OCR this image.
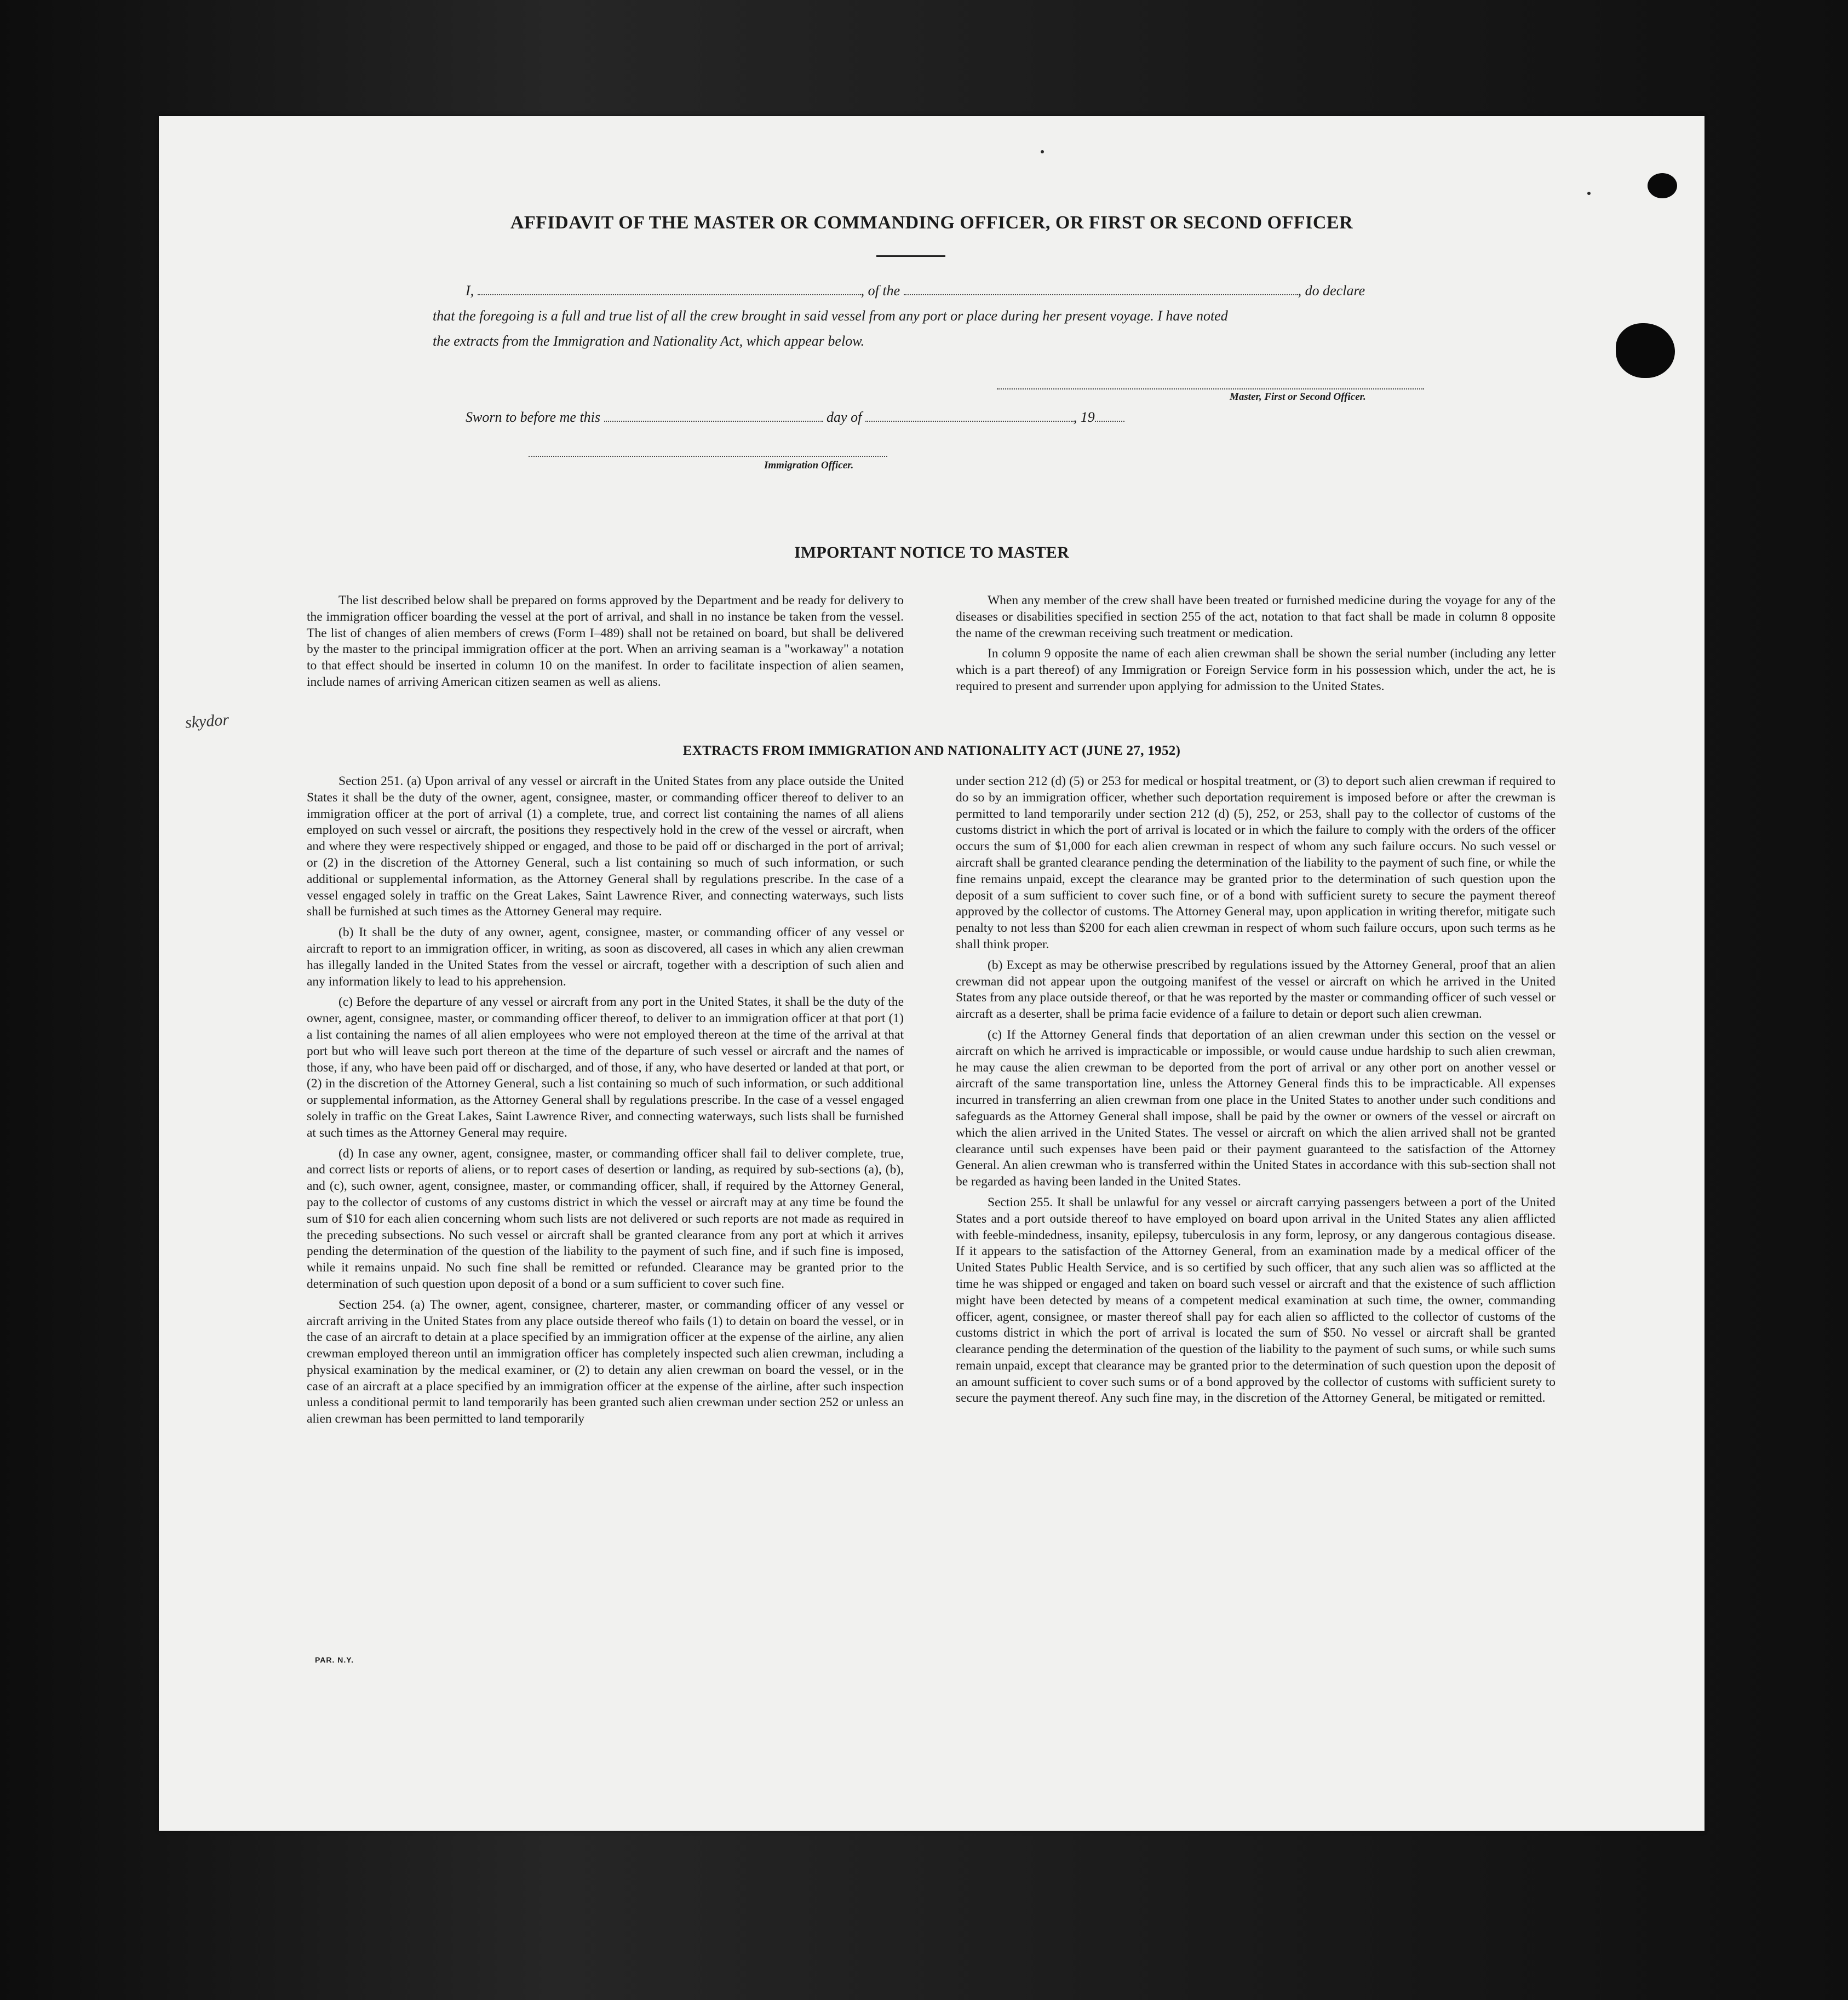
AFFIDAVIT OF THE MASTER OR COMMANDING OFFICER, OR FIRST OR SECOND OFFICER
I,	, of the	, do declare
that the foregoing is a full and true list of all the crew brought in said vessel from any port or place during her present voyage. I have noted
the extracts from the Immigration and Nationality Act, which appear below.
Master, First or Second Officer.
Sworn to before me this	day of	, 19
Immigration Officer.
IMPORTANT NOTICE TO MASTER

The list described below shall be prepared on forms approved by the Department and be ready for delivery to the immigration officer boarding the vessel at the port of arrival, and shall in no instance be taken from the vessel. The list of changes of alien members of crews (Form I–489) shall not be retained on board, but shall be delivered by the master to the principal immigration officer at the port. When an arriving seaman is a "workaway" a notation to that effect should be inserted in column 10 on the manifest. In order to facilitate inspection of alien seamen, include names of arriving American citizen seamen as well as aliens.

When any member of the crew shall have been treated or furnished medicine during the voyage for any of the diseases or disabilities specified in section 255 of the act, notation to that fact shall be made in column 8 opposite the name of the crewman receiving such treatment or medication.

In column 9 opposite the name of each alien crewman shall be shown the serial number (including any letter which is a part thereof) of any Immigration or Foreign Service form in his possession which, under the act, he is required to present and surrender upon applying for admission to the United States.

EXTRACTS FROM IMMIGRATION AND NATIONALITY ACT (JUNE 27, 1952)

Section 251. (a) Upon arrival of any vessel or aircraft in the United States from any place outside the United States it shall be the duty of the owner, agent, consignee, master, or commanding officer thereof to deliver to an immigration officer at the port of arrival (1) a complete, true, and correct list containing the names of all aliens employed on such vessel or aircraft, the positions they respectively hold in the crew of the vessel or aircraft, when and where they were respectively shipped or engaged, and those to be paid off or discharged in the port of arrival; or (2) in the discretion of the Attorney General, such a list containing so much of such information, or such additional or supplemental information, as the Attorney General shall by regulations prescribe. In the case of a vessel engaged solely in traffic on the Great Lakes, Saint Lawrence River, and connecting waterways, such lists shall be furnished at such times as the Attorney General may require.

(b) It shall be the duty of any owner, agent, consignee, master, or commanding officer of any vessel or aircraft to report to an immigration officer, in writing, as soon as discovered, all cases in which any alien crewman has illegally landed in the United States from the vessel or aircraft, together with a description of such alien and any information likely to lead to his apprehension.

(c) Before the departure of any vessel or aircraft from any port in the United States, it shall be the duty of the owner, agent, consignee, master, or commanding officer thereof, to deliver to an immigration officer at that port (1) a list containing the names of all alien employees who were not employed thereon at the time of the arrival at that port but who will leave such port thereon at the time of the departure of such vessel or aircraft and the names of those, if any, who have been paid off or discharged, and of those, if any, who have deserted or landed at that port, or (2) in the discretion of the Attorney General, such a list containing so much of such information, or such additional or supplemental information, as the Attorney General shall by regulations prescribe. In the case of a vessel engaged solely in traffic on the Great Lakes, Saint Lawrence River, and connecting waterways, such lists shall be furnished at such times as the Attorney General may require.

(d) In case any owner, agent, consignee, master, or commanding officer shall fail to deliver complete, true, and correct lists or reports of aliens, or to report cases of desertion or landing, as required by sub-sections (a), (b), and (c), such owner, agent, consignee, master, or commanding officer, shall, if required by the Attorney General, pay to the collector of customs of any customs district in which the vessel or aircraft may at any time be found the sum of $10 for each alien concerning whom such lists are not delivered or such reports are not made as required in the preceding subsections. No such vessel or aircraft shall be granted clearance from any port at which it arrives pending the determination of the question of the liability to the payment of such fine, and if such fine is imposed, while it remains unpaid. No such fine shall be remitted or refunded. Clearance may be granted prior to the determination of such question upon deposit of a bond or a sum sufficient to cover such fine.

Section 254. (a) The owner, agent, consignee, charterer, master, or commanding officer of any vessel or aircraft arriving in the United States from any place outside thereof who fails (1) to detain on board the vessel, or in the case of an aircraft to detain at a place specified by an immigration officer at the expense of the airline, any alien crewman employed thereon until an immigration officer has completely inspected such alien crewman, including a physical examination by the medical examiner, or (2) to detain any alien crewman on board the vessel, or in the case of an aircraft at a place specified by an immigration officer at the expense of the airline, after such inspection unless a conditional permit to land temporarily has been granted such alien crewman under section 252 or unless an alien crewman has been permitted to land temporarily

under section 212 (d) (5) or 253 for medical or hospital treatment, or (3) to deport such alien crewman if required to do so by an immigration officer, whether such deportation requirement is imposed before or after the crewman is permitted to land temporarily under section 212 (d) (5), 252, or 253, shall pay to the collector of customs of the customs district in which the port of arrival is located or in which the failure to comply with the orders of the officer occurs the sum of $1,000 for each alien crewman in respect of whom any such failure occurs. No such vessel or aircraft shall be granted clearance pending the determination of the liability to the payment of such fine, or while the fine remains unpaid, except the clearance may be granted prior to the determination of such question upon the deposit of a sum sufficient to cover such fine, or of a bond with sufficient surety to secure the payment thereof approved by the collector of customs. The Attorney General may, upon application in writing therefor, mitigate such penalty to not less than $200 for each alien crewman in respect of whom such failure occurs, upon such terms as he shall think proper.

(b) Except as may be otherwise prescribed by regulations issued by the Attorney General, proof that an alien crewman did not appear upon the outgoing manifest of the vessel or aircraft on which he arrived in the United States from any place outside thereof, or that he was reported by the master or commanding officer of such vessel or aircraft as a deserter, shall be prima facie evidence of a failure to detain or deport such alien crewman.

(c) If the Attorney General finds that deportation of an alien crewman under this section on the vessel or aircraft on which he arrived is impracticable or impossible, or would cause undue hardship to such alien crewman, he may cause the alien crewman to be deported from the port of arrival or any other port on another vessel or aircraft of the same transportation line, unless the Attorney General finds this to be impracticable. All expenses incurred in transferring an alien crewman from one place in the United States to another under such conditions and safeguards as the Attorney General shall impose, shall be paid by the owner or owners of the vessel or aircraft on which the alien arrived in the United States. The vessel or aircraft on which the alien arrived shall not be granted clearance until such expenses have been paid or their payment guaranteed to the satisfaction of the Attorney General. An alien crewman who is transferred within the United States in accordance with this sub-section shall not be regarded as having been landed in the United States.

Section 255. It shall be unlawful for any vessel or aircraft carrying passengers between a port of the United States and a port outside thereof to have employed on board upon arrival in the United States any alien afflicted with feeble-mindedness, insanity, epilepsy, tuberculosis in any form, leprosy, or any dangerous contagious disease. If it appears to the satisfaction of the Attorney General, from an examination made by a medical officer of the United States Public Health Service, and is so certified by such officer, that any such alien was so afflicted at the time he was shipped or engaged and taken on board such vessel or aircraft and that the existence of such affliction might have been detected by means of a competent medical examination at such time, the owner, commanding officer, agent, consignee, or master thereof shall pay for each alien so afflicted to the collector of customs of the customs district in which the port of arrival is located the sum of $50. No vessel or aircraft shall be granted clearance pending the determination of the question of the liability to the payment of such sums, or while such sums remain unpaid, except that clearance may be granted prior to the determination of such question upon the deposit of an amount sufficient to cover such sums or of a bond approved by the collector of customs with sufficient surety to secure the payment thereof. Any such fine may, in the discretion of the Attorney General, be mitigated or remitted.

PAR. N.Y.
skydor
